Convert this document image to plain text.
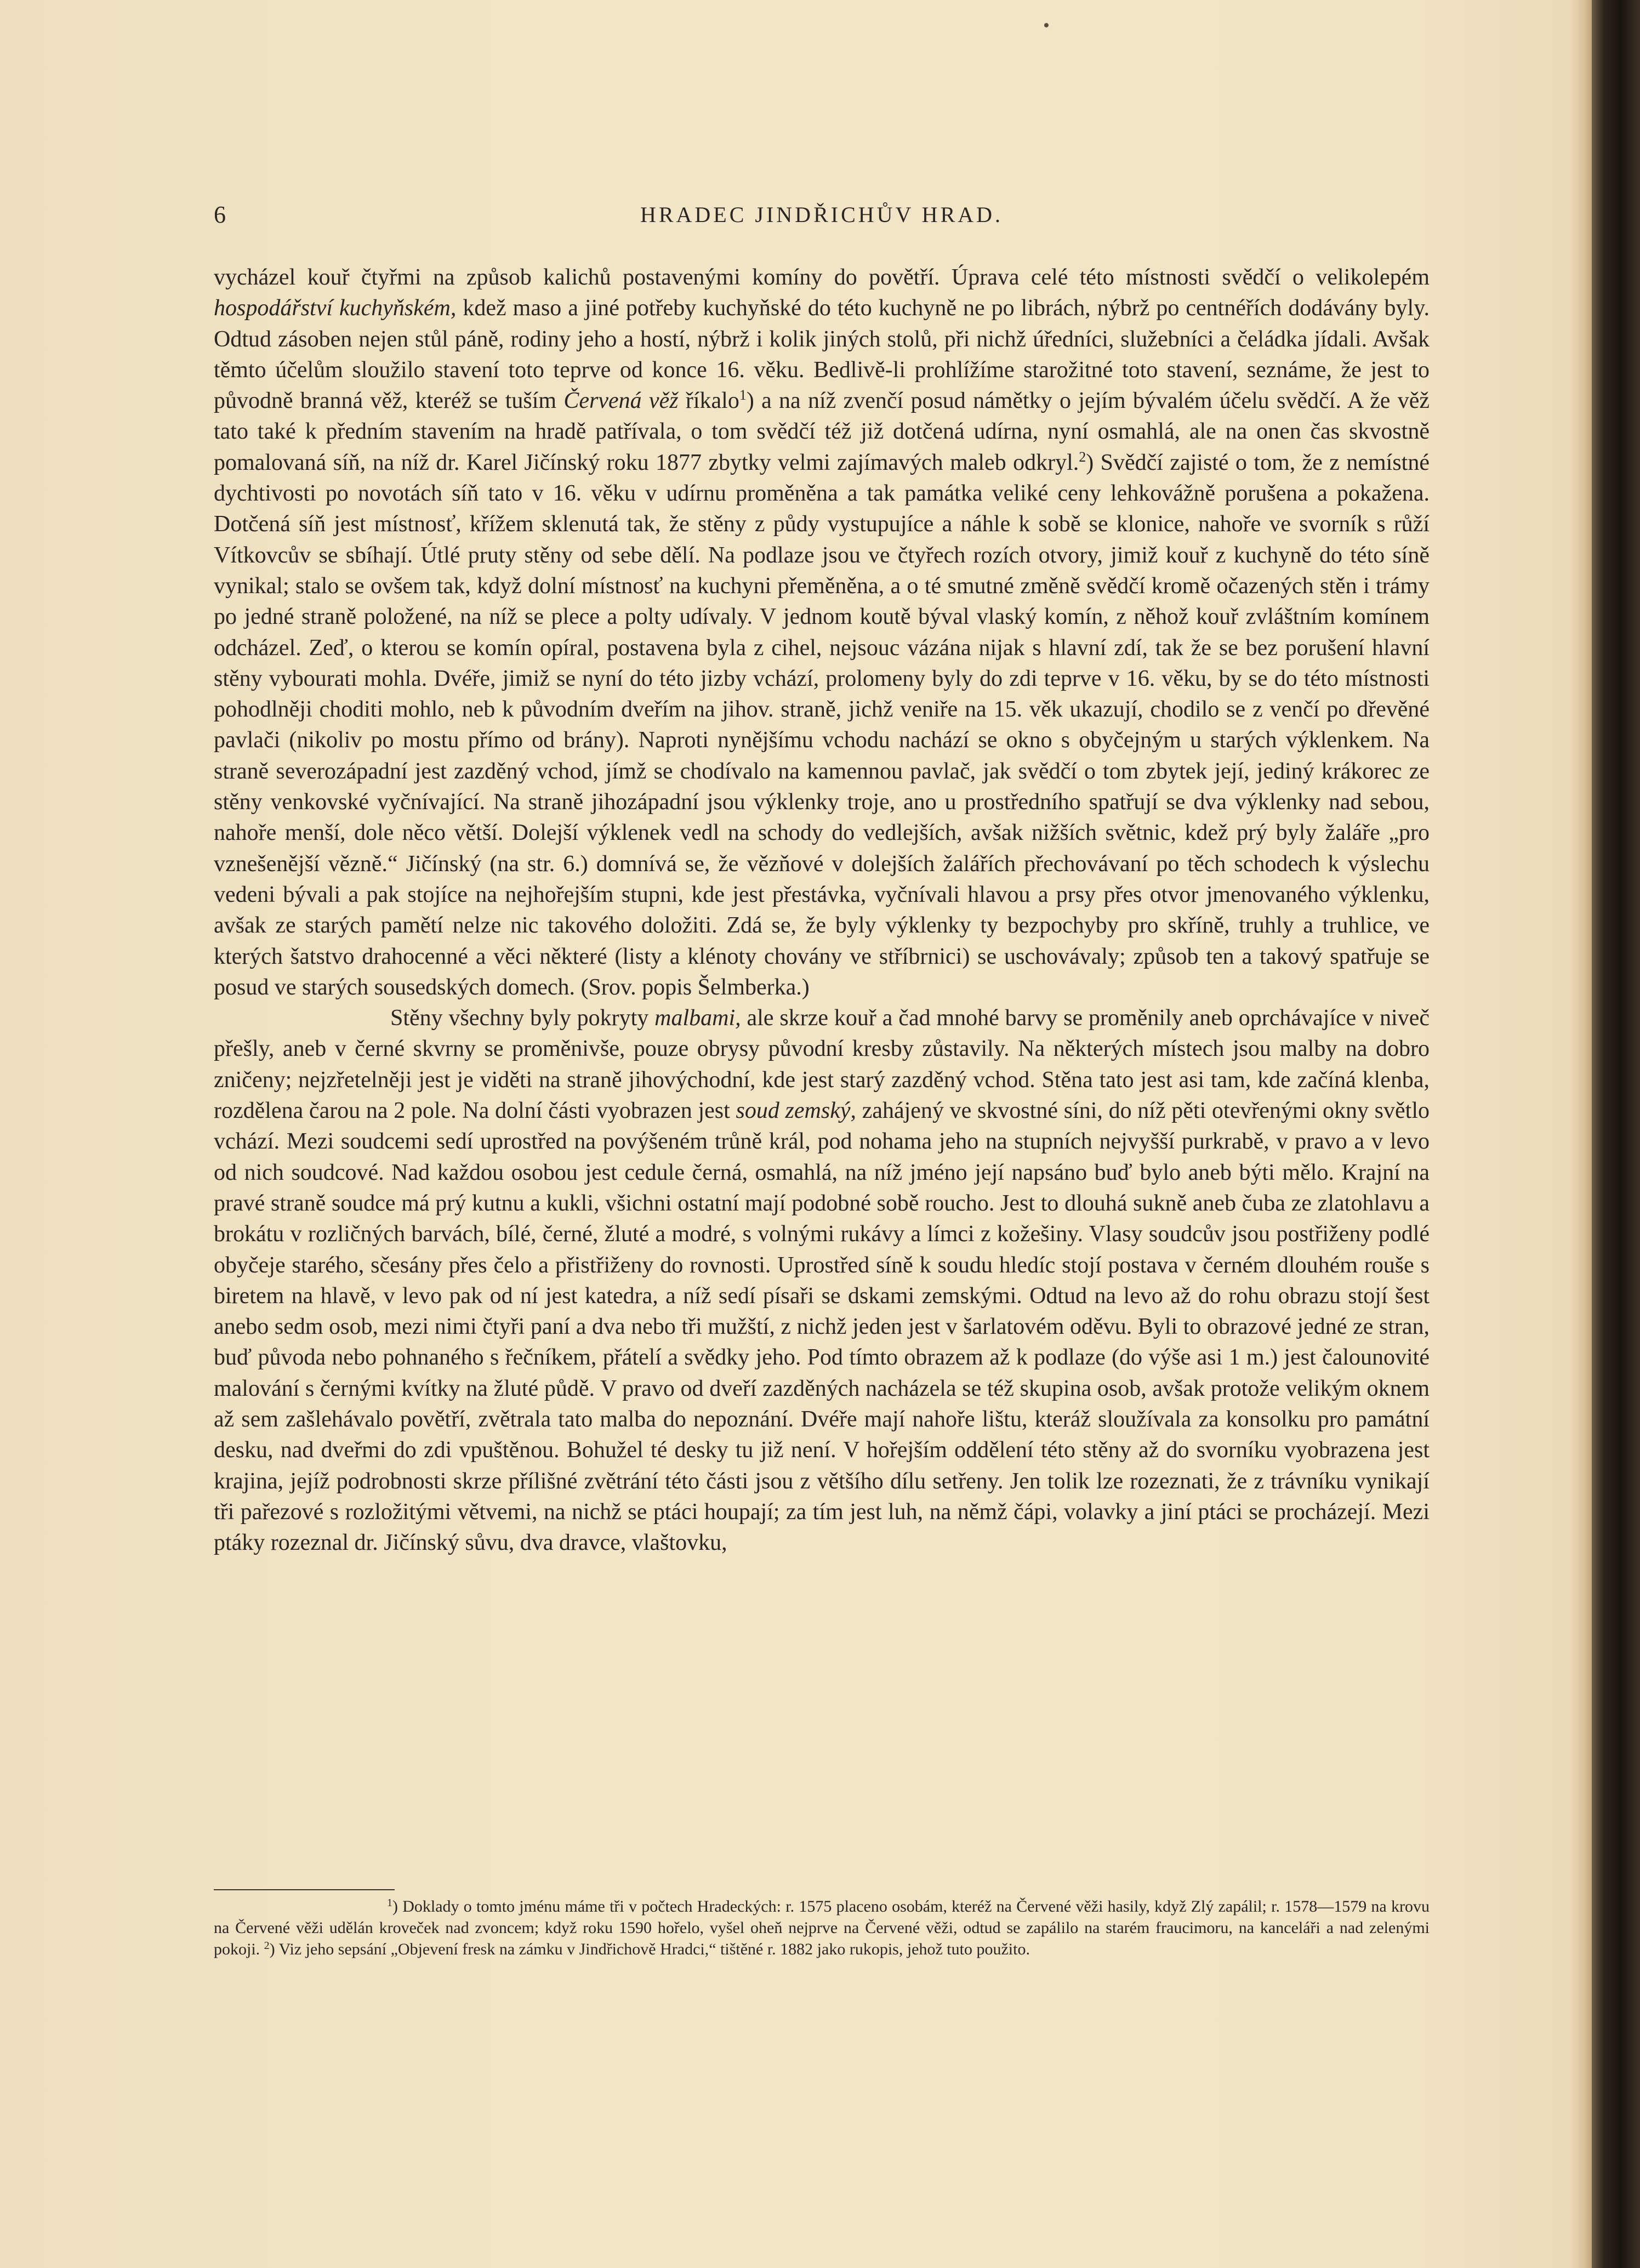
6	HRADEC JINDŘICHŮV HRAD.

vycházel kouř čtyřmi na způsob kalichů postavenými komíny do povětří. Úprava celé této místnosti svědčí o velikolepém hospodářství kuchyňském, kdež maso a jiné potřeby kuchyňské do této kuchyně ne po librách, nýbrž po centnéřích dodávány byly. Odtud zásoben nejen stůl páně, rodiny jeho a hostí, nýbrž i kolik jiných stolů, při nichž úředníci, služebníci a čeládka jídali. Avšak těmto účelům sloužilo stavení toto teprve od konce 16. věku. Bedlivě-li prohlížíme starožitné toto stavení, seznáme, že jest to původně branná věž, kteréž se tuším Červená věž říkalo$^1$) a na níž zvenčí posud námětky o jejím bývalém účelu svědčí. A že věž tato také k předním stavením na hradě patřívala, o tom svědčí též již dotčená udírna, nyní osmahlá, ale na onen čas skvostně pomalovaná síň, na níž dr. Karel Jičínský roku 1877 zbytky velmi zajímavých maleb odkryl.$^2$) Svědčí zajisté o tom, že z nemístné dychtivosti po novotách síň tato v 16. věku v udírnu proměněna a tak památka veliké ceny lehkovážně porušena a pokažena. Dotčená síň jest místnosť, křížem sklenutá tak, že stěny z půdy vystupujíce a náhle k sobě se klonice, nahoře ve svorník s růží Vítkovcův se sbíhají. Útlé pruty stěny od sebe dělí. Na podlaze jsou ve čtyřech rozích otvory, jimiž kouř z kuchyně do této síně vynikal; stalo se ovšem tak, když dolní místnosť na kuchyni přeměněna, a o té smutné změně svědčí kromě očazených stěn i trámy po jedné straně položené, na níž se plece a polty udívaly. V jednom koutě býval vlaský komín, z něhož kouř zvláštním komínem odcházel. Zeď, o kterou se komín opíral, postavena byla z cihel, nejsouc vázána nijak s hlavní zdí, tak že se bez porušení hlavní stěny vybourati mohla. Dvéře, jimiž se nyní do této jizby vchází, prolomeny byly do zdi teprve v 16. věku, by se do této místnosti pohodlněji choditi mohlo, neb k původním dveřím na jihov. straně, jichž veniře na 15. věk ukazují, chodilo se z venčí po dřevěné pavlači (nikoliv po mostu přímo od brány). Naproti nynějšímu vchodu nachází se okno s obyčejným u starých výklenkem. Na straně severozápadní jest zazděný vchod, jímž se chodívalo na kamennou pavlač, jak svědčí o tom zbytek její, jediný krákorec ze stěny venkovské vyčnívající. Na straně jihozápadní jsou výklenky troje, ano u prostředního spatřují se dva výklenky nad sebou, nahoře menší, dole něco větší. Dolejší výklenek vedl na schody do vedlejších, avšak nižších světnic, kdež prý byly žaláře „pro vznešenější vězně.“ Jičínský (na str. 6.) domnívá se, že vězňové v dolejších žalářích přechovávaní po těch schodech k výslechu vedeni bývali a pak stojíce na nejhořejším stupni, kde jest přestávka, vyčnívali hlavou a prsy přes otvor jmenovaného výklenku, avšak ze starých pamětí nelze nic takového doložiti. Zdá se, že byly výklenky ty bezpochyby pro skříně, truhly a truhlice, ve kterých šatstvo drahocenné a věci některé (listy a klénoty chovány ve stříbrnici) se uschovávaly; způsob ten a takový spatřuje se posud ve starých sousedských domech. (Srov. popis Šelmberka.)

Stěny všechny byly pokryty malbami, ale skrze kouř a čad mnohé barvy se proměnily aneb oprchávajíce v niveč přešly, aneb v černé skvrny se proměnivše, pouze obrysy původní kresby zůstavily. Na některých místech jsou malby na dobro zničeny; nejzřetelněji jest je viděti na straně jihovýchodní, kde jest starý zazděný vchod. Stěna tato jest asi tam, kde začíná klenba, rozdělena čarou na 2 pole. Na dolní části vyobrazen jest soud zemský, zahájený ve skvostné síni, do níž pěti otevřenými okny světlo vchází. Mezi soudcemi sedí uprostřed na povýšeném trůně král, pod nohama jeho na stupních nejvyšší purkrabě, v pravo a v levo od nich soudcové. Nad každou osobou jest cedule černá, osmahlá, na níž jméno její napsáno buď bylo aneb býti mělo. Krajní na pravé straně soudce má prý kutnu a kukli, všichni ostatní mají podobné sobě roucho. Jest to dlouhá sukně aneb čuba ze zlatohlavu a brokátu v rozličných barvách, bílé, černé, žluté a modré, s volnými rukávy a límci z kožešiny. Vlasy soudcův jsou postřiženy podlé obyčeje starého, sčesány přes čelo a přistřiženy do rovnosti. Uprostřed síně k soudu hledíc stojí postava v černém dlouhém rouše s biretem na hlavě, v levo pak od ní jest katedra, a níž sedí písaři se dskami zemskými. Odtud na levo až do rohu obrazu stojí šest anebo sedm osob, mezi nimi čtyři paní a dva nebo tři mužští, z nichž jeden jest v šarlatovém oděvu. Byli to obrazové jedné ze stran, buď původa nebo pohnaného s řečníkem, přátelí a svědky jeho. Pod tímto obrazem až k podlaze (do výše asi 1 m.) jest čalounovité malování s černými kvítky na žluté půdě. V pravo od dveří zazděných nacházela se též skupina osob, avšak protože velikým oknem až sem zašlehávalo povětří, zvětrala tato malba do nepoznání. Dvéře mají nahoře lištu, kteráž sloužívala za konsolku pro památní desku, nad dveřmi do zdi vpuštěnou. Bohužel té desky tu již není. V hořejším oddělení této stěny až do svorníku vyobrazena jest krajina, jejíž podrobnosti skrze přílišné zvětrání této části jsou z většího dílu setřeny. Jen tolik lze rozeznati, že z trávníku vynikají tři pařezové s rozložitými větvemi, na nichž se ptáci houpají; za tím jest luh, na němž čápi, volavky a jiní ptáci se procházejí. Mezi ptáky rozeznal dr. Jičínský sůvu, dva dravce, vlaštovku,

$^1$) Doklady o tomto jménu máme tři v počtech Hradeckých: r. 1575 placeno osobám, kteréž na Červené věži hasily, když Zlý zapálil; r. 1578—1579 na krovu na Červené věži udělán kroveček nad zvoncem; když roku 1590 hořelo, vyšel oheň nejprve na Červené věži, odtud se zapálilo na starém fraucimoru, na kanceláři a nad zelenými pokoji. $^2$) Viz jeho sepsání „Objevení fresk na zámku v Jindřichově Hradci,“ tištěné r. 1882 jako rukopis, jehož tuto použito.
